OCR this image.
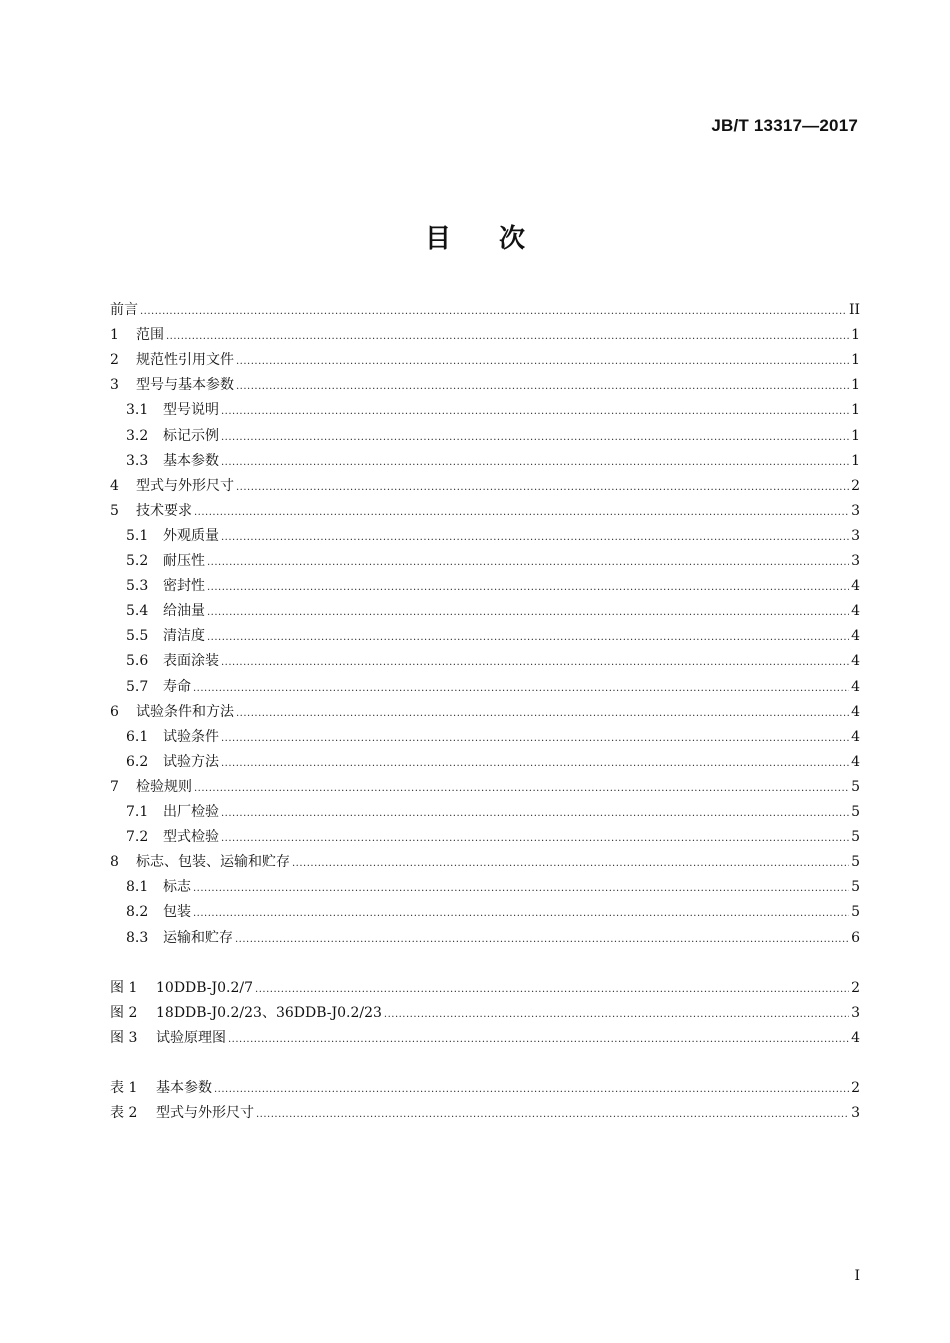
JB/T 13317—2017
目次
前言 .....	II
1	范围 .....	1
2	规范性引用文件 .....	1
3	型号与基本参数 .....	1
3.1	型号说明 .....	1
3.2	标记示例 .....	1
3.3	基本参数 .....	1
4	型式与外形尺寸 .....	2
5	技术要求 .....	3
5.1	外观质量 .....	3
5.2	耐压性 .....	3
5.3	密封性 .....	4
5.4	给油量 .....	4
5.5	清洁度 .....	4
5.6	表面涂装 .....	4
5.7	寿命 .....	4
6	试验条件和方法 .....	4
6.1	试验条件 .....	4
6.2	试验方法 .....	4
7	检验规则 .....	5
7.1	出厂检验 .....	5
7.2	型式检验 .....	5
8	标志、包装、运输和贮存 .....	5
8.1	标志 .....	5
8.2	包装 .....	5
8.3	运输和贮存 .....	6
图 1	10DDB-J0.2/7 .....	2
图 2	18DDB-J0.2/23、36DDB-J0.2/23 .....	3
图 3	试验原理图 .....	4
表 1	基本参数 .....	2
表 2	型式与外形尺寸 .....	3
I
